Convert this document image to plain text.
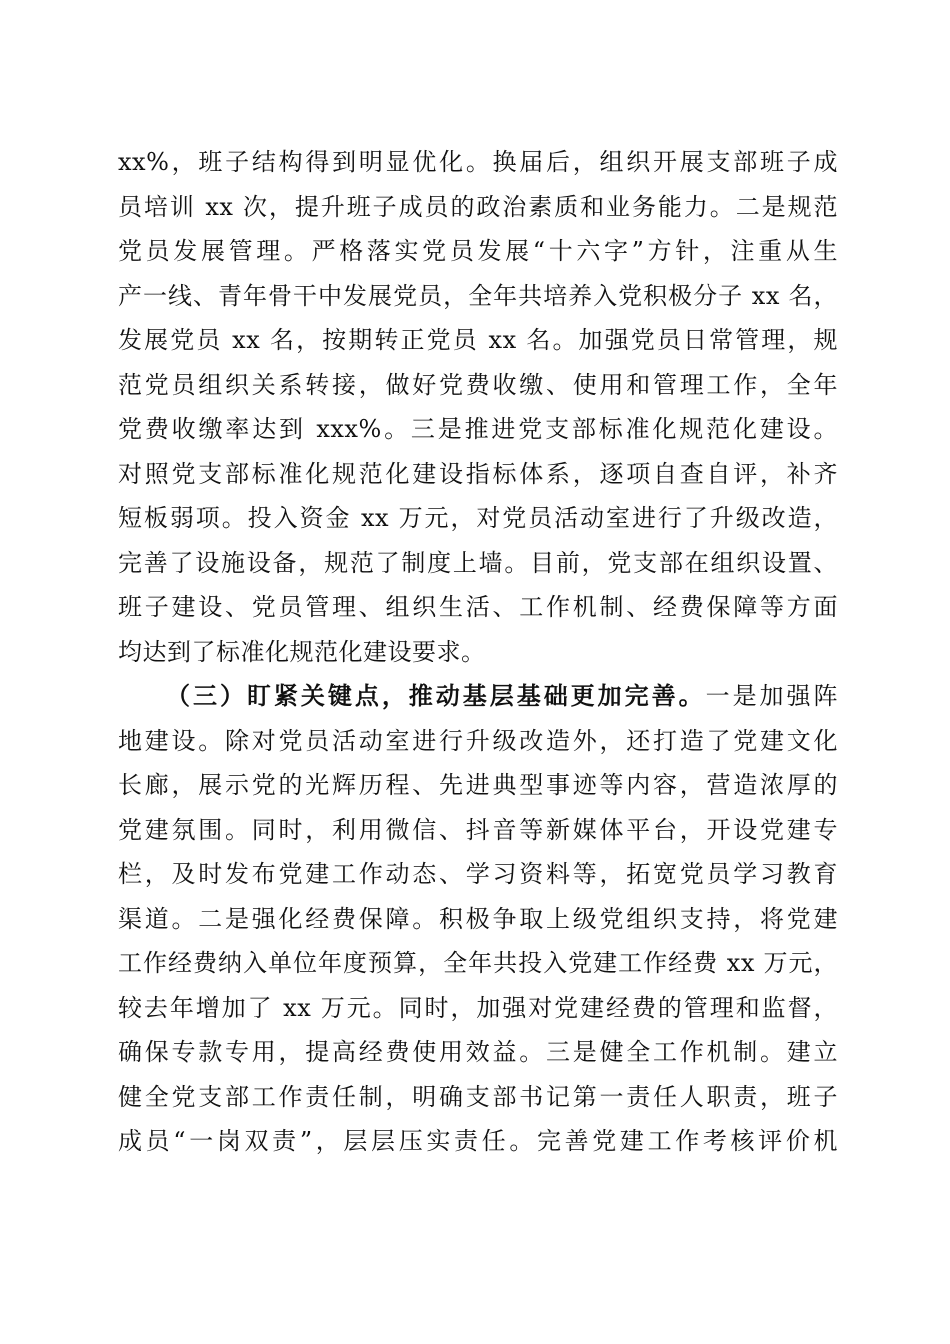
xx%，班子结构得到明显优化。换届后，组织开展支部班子成
员培训 xx 次，提升班子成员的政治素质和业务能力。二是规范
党员发展管理。严格落实党员发展“十六字”方针，注重从生
产一线、青年骨干中发展党员，全年共培养入党积极分子 xx 名，
发展党员 xx 名，按期转正党员 xx 名。加强党员日常管理，规
范党员组织关系转接，做好党费收缴、使用和管理工作，全年
党费收缴率达到 xxx%。三是推进党支部标准化规范化建设。
对照党支部标准化规范化建设指标体系，逐项自查自评，补齐
短板弱项。投入资金 xx 万元，对党员活动室进行了升级改造，
完善了设施设备，规范了制度上墙。目前，党支部在组织设置、
班子建设、党员管理、组织生活、工作机制、经费保障等方面
均达到了标准化规范化建设要求。
（三）盯紧关键点，推动基层基础更加完善。一是加强阵
地建设。除对党员活动室进行升级改造外，还打造了党建文化
长廊，展示党的光辉历程、先进典型事迹等内容，营造浓厚的
党建氛围。同时，利用微信、抖音等新媒体平台，开设党建专
栏，及时发布党建工作动态、学习资料等，拓宽党员学习教育
渠道。二是强化经费保障。积极争取上级党组织支持，将党建
工作经费纳入单位年度预算，全年共投入党建工作经费 xx 万元，
较去年增加了 xx 万元。同时，加强对党建经费的管理和监督，
确保专款专用，提高经费使用效益。三是健全工作机制。建立
健全党支部工作责任制，明确支部书记第一责任人职责，班子
成员“一岗双责”，层层压实责任。完善党建工作考核评价机
